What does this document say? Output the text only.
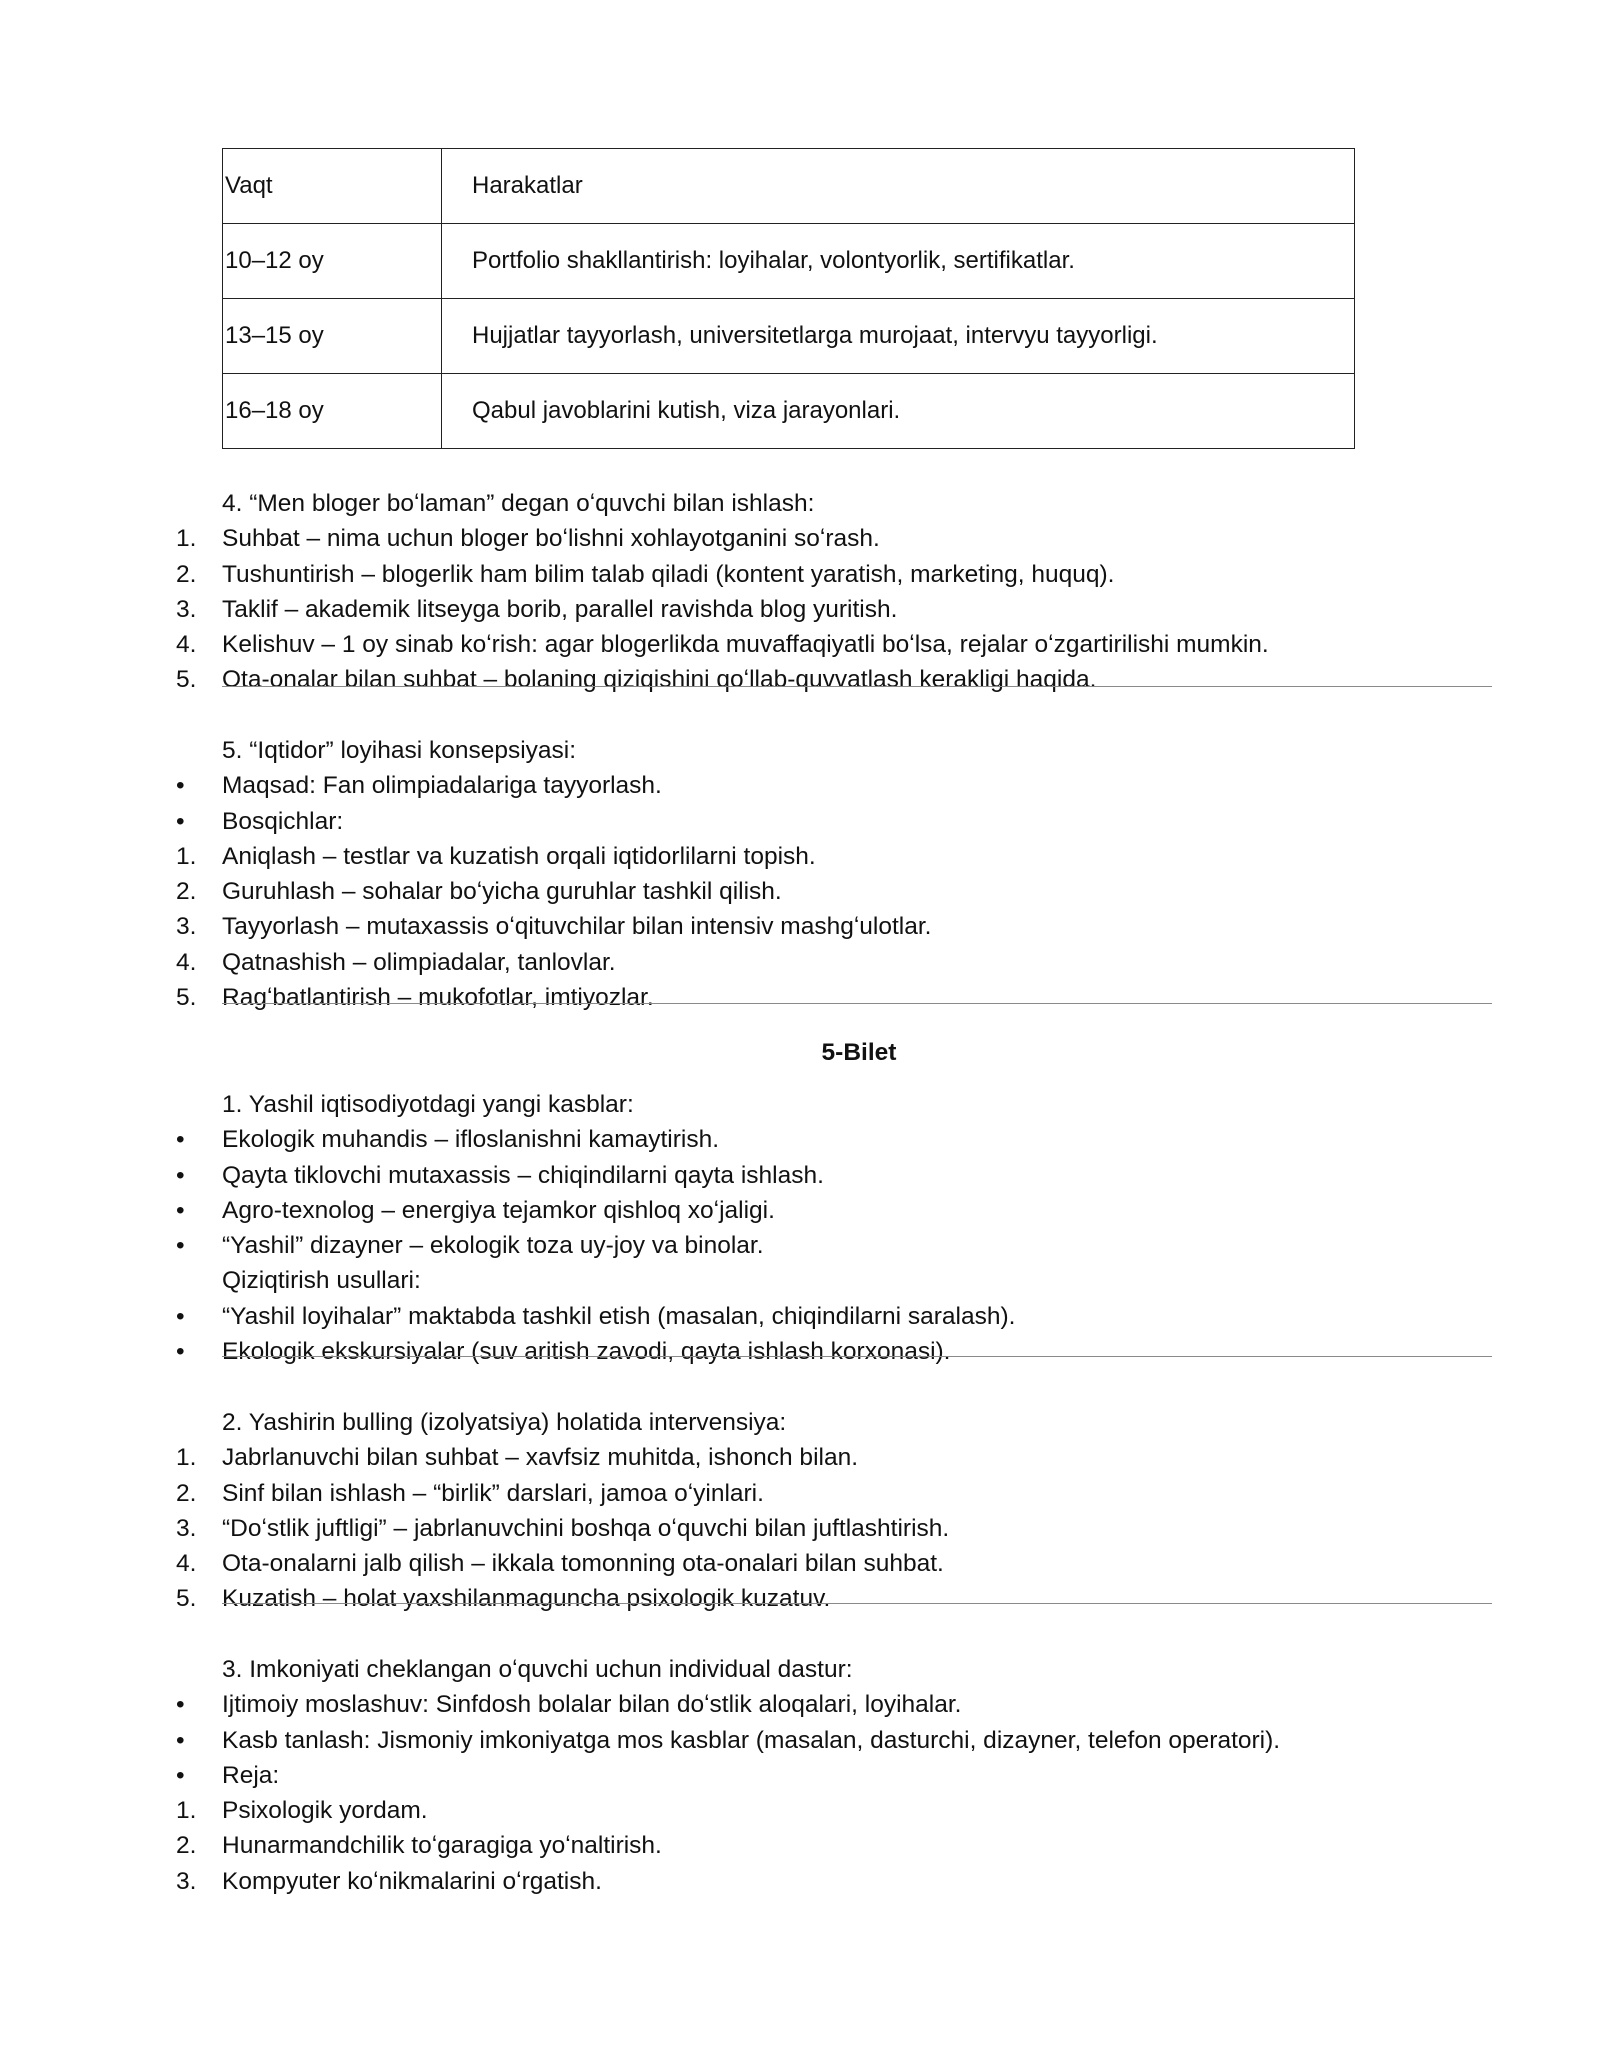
Vaqt	Harakatlar
10–12 oy	Portfolio shakllantirish: loyihalar, volontyorlik, sertifikatlar.
13–15 oy	Hujjatlar tayyorlash, universitetlarga murojaat, intervyu tayyorligi.
16–18 oy	Qabul javoblarini kutish, viza jarayonlari.
4. “Men bloger boʻlaman” degan oʻquvchi bilan ishlash:
1. Suhbat – nima uchun bloger boʻlishni xohlayotganini soʻrash.
2. Tushuntirish – blogerlik ham bilim talab qiladi (kontent yaratish, marketing, huquq).
3. Taklif – akademik litseyga borib, parallel ravishda blog yuritish.
4. Kelishuv – 1 oy sinab koʻrish: agar blogerlikda muvaffaqiyatli boʻlsa, rejalar oʻzgartirilishi mumkin.
5. Ota-onalar bilan suhbat – bolaning qiziqishini qoʻllab-quvvatlash kerakligi haqida.
5. “Iqtidor” loyihasi konsepsiyasi:
•	Maqsad: Fan olimpiadalariga tayyorlash.
•	Bosqichlar:
1. Aniqlash – testlar va kuzatish orqali iqtidorlilarni topish.
2. Guruhlash – sohalar boʻyicha guruhlar tashkil qilish.
3. Tayyorlash – mutaxassis oʻqituvchilar bilan intensiv mashgʻulotlar.
4. Qatnashish – olimpiadalar, tanlovlar.
5. Ragʻbatlantirish – mukofotlar, imtiyozlar.
1. Yashil iqtisodiyotdagi yangi kasblar:
•	Ekologik muhandis – ifloslanishni kamaytirish.
•	Qayta tiklovchi mutaxassis – chiqindilarni qayta ishlash.
•	Agro-texnolog – energiya tejamkor qishloq xoʻjaligi.
•	“Yashil” dizayner – ekologik toza uy-joy va binolar.
Qiziqtirish usullari:
•	“Yashil loyihalar” maktabda tashkil etish (masalan, chiqindilarni saralash).
•	Ekologik ekskursiyalar (suv aritish zavodi, qayta ishlash korxonasi).
2. Yashirin bulling (izolyatsiya) holatida intervensiya:
1. Jabrlanuvchi bilan suhbat – xavfsiz muhitda, ishonch bilan.
2. Sinf bilan ishlash – “birlik” darslari, jamoa oʻyinlari.
3. “Doʻstlik juftligi” – jabrlanuvchini boshqa oʻquvchi bilan juftlashtirish.
4. Ota-onalarni jalb qilish – ikkala tomonning ota-onalari bilan suhbat.
5. Kuzatish – holat yaxshilanmaguncha psixologik kuzatuv.
3. Imkoniyati cheklangan oʻquvchi uchun individual dastur:
•	Ijtimoiy moslashuv: Sinfdosh bolalar bilan doʻstlik aloqalari, loyihalar.
•	Kasb tanlash: Jismoniy imkoniyatga mos kasblar (masalan, dasturchi, dizayner, telefon operatori).
•	Reja:
1. Psixologik yordam.
2. Hunarmandchilik toʻgaragiga yoʻnaltirish.
3. Kompyuter koʻnikmalarini oʻrgatish.
5-Bilet
